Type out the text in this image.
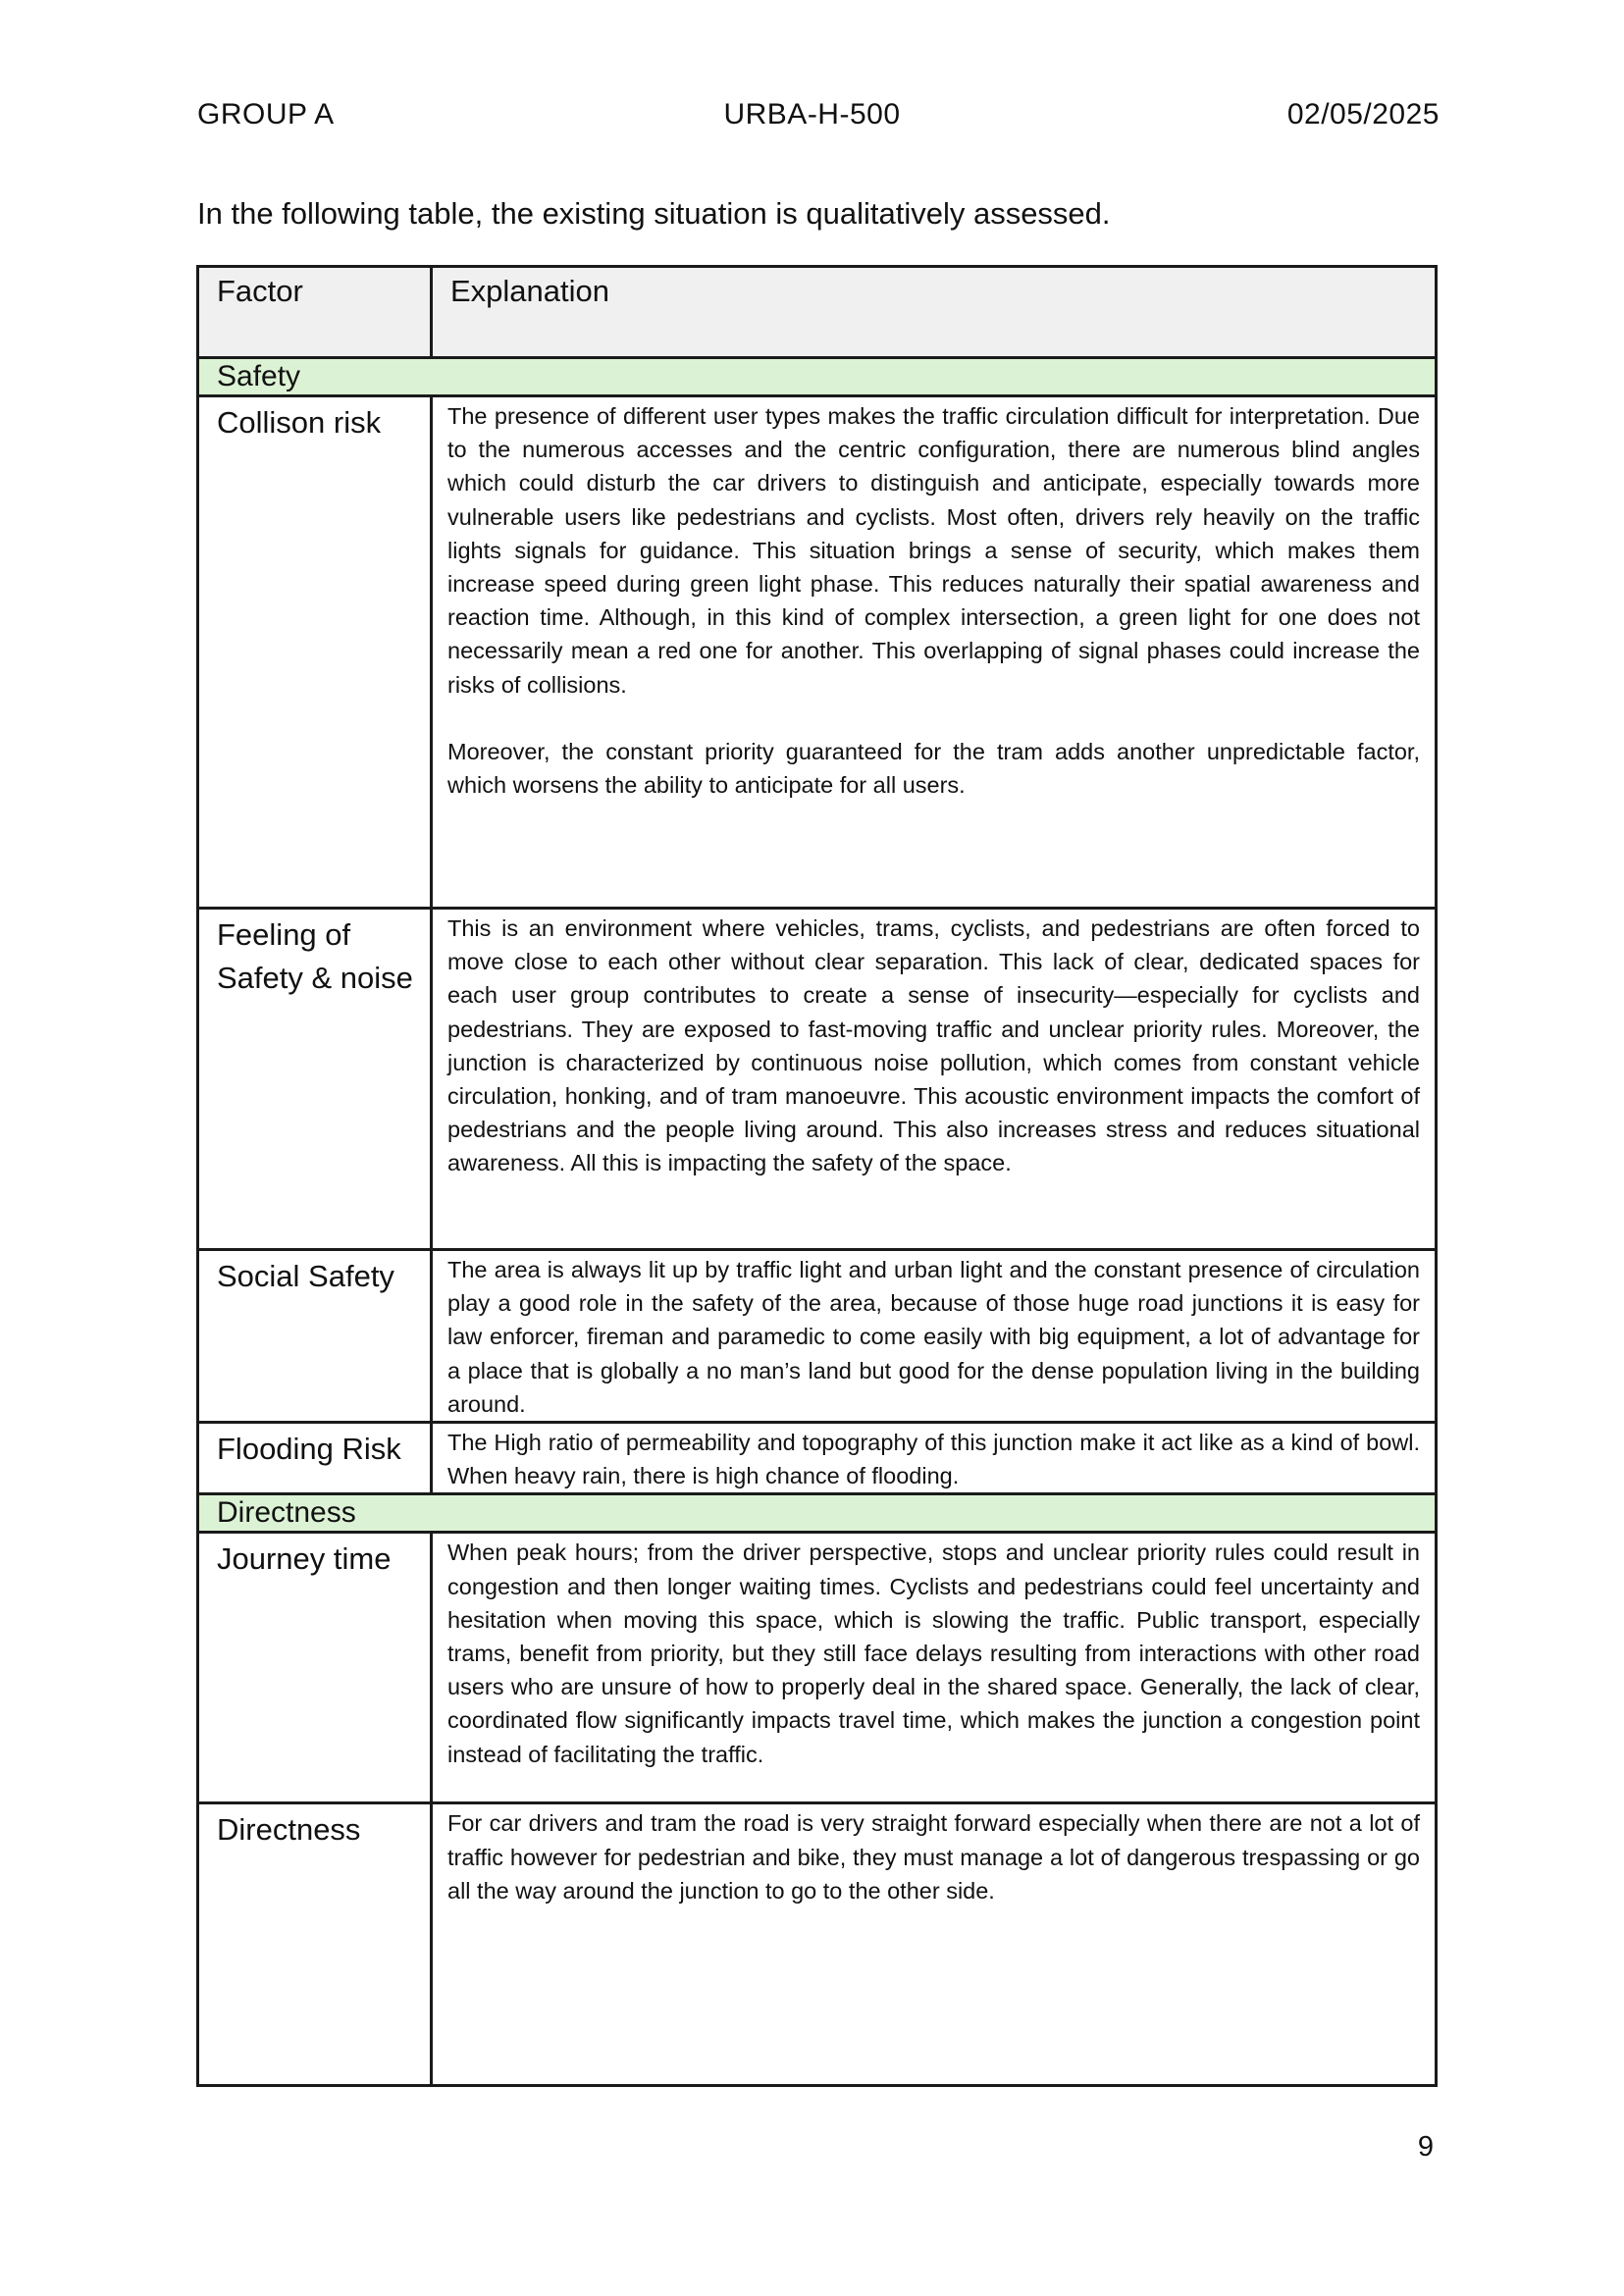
GROUP A	URBA-H-500	02/05/2025
In the following table, the existing situation is qualitatively assessed.
Factor	Explanation
Safety	
Collison risk	The presence of different user types makes the traffic circulation difficult for interpretation. Due to the numerous accesses and the centric configuration, there are numerous blind angles which could disturb the car drivers to distinguish and anticipate, especially towards more vulnerable users like pedestrians and cyclists. Most often, drivers rely heavily on the traffic lights signals for guidance. This situation brings a sense of security, which makes them increase speed during green light phase. This reduces naturally their spatial awareness and reaction time. Although, in this kind of complex intersection, a green light for one does not necessarily mean a red one for another. This overlapping of signal phases could increase the risks of collisions.

Moreover, the constant priority guaranteed for the tram adds another unpredictable factor, which worsens the ability to anticipate for all users.

Feeling of Safety & noise	This is an environment where vehicles, trams, cyclists, and pedestrians are often forced to move close to each other without clear separation. This lack of clear, dedicated spaces for each user group contributes to create a sense of insecurity—especially for cyclists and pedestrians. They are exposed to fast-moving traffic and unclear priority rules. Moreover, the junction is characterized by continuous noise pollution, which comes from constant vehicle circulation, honking, and of tram manoeuvre. This acoustic environment impacts the comfort of pedestrians and the people living around. This also increases stress and reduces situational awareness. All this is impacting the safety of the space.
Social Safety	The area is always lit up by traffic light and urban light and the constant presence of circulation play a good role in the safety of the area, because of those huge road junctions it is easy for law enforcer, fireman and paramedic to come easily with big equipment, a lot of advantage for a place that is globally a no man’s land but good for the dense population living in the building around.
Flooding Risk	The High ratio of permeability and topography of this junction make it act like as a kind of bowl. When heavy rain, there is high chance of flooding.
Directness	
Journey time	When peak hours; from the driver perspective, stops and unclear priority rules could result in congestion and then longer waiting times. Cyclists and pedestrians could feel uncertainty and hesitation when moving this space, which is slowing the traffic. Public transport, especially trams, benefit from priority, but they still face delays resulting from interactions with other road users who are unsure of how to properly deal in the shared space. Generally, the lack of clear, coordinated flow significantly impacts travel time, which makes the junction a congestion point instead of facilitating the traffic.
Directness	For car drivers and tram the road is very straight forward especially when there are not a lot of traffic however for pedestrian and bike, they must manage a lot of dangerous trespassing or go all the way around the junction to go to the other side.
9
